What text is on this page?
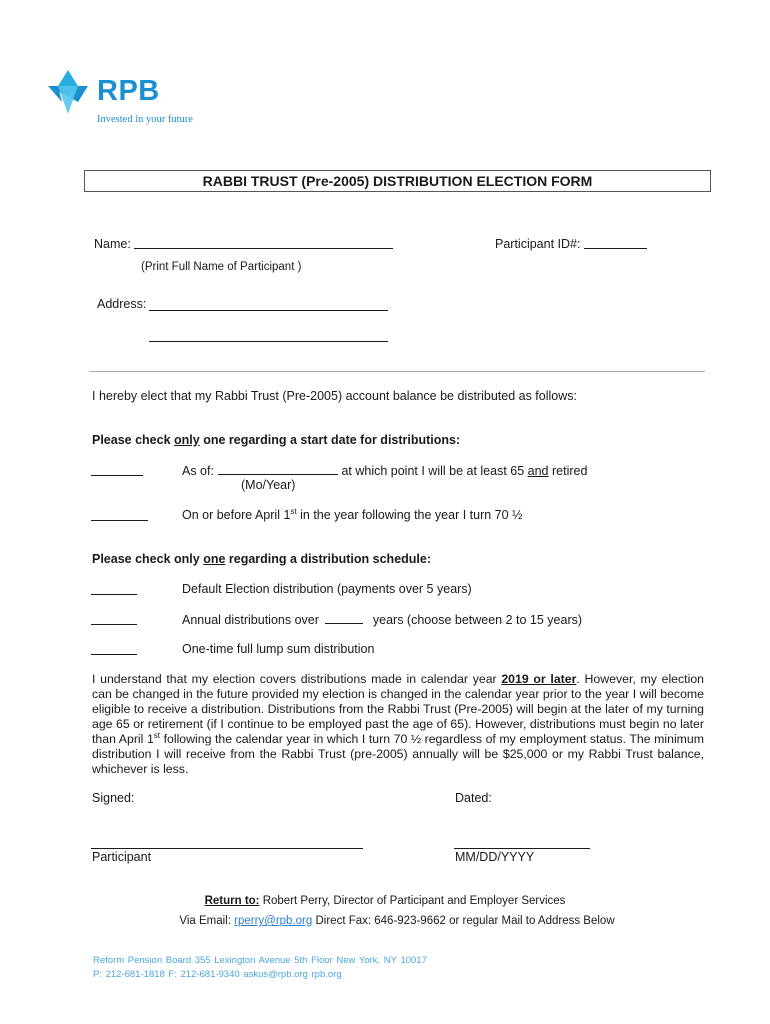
RPB
Invested in your future
RABBI TRUST (Pre-2005) DISTRIBUTION ELECTION FORM
Name:
(Print Full Name of Participant )
Participant ID#:
Address:
I hereby elect that my Rabbi Trust (Pre-2005) account balance be distributed as follows:
Please check only one regarding a start date for distributions:
As of:	at which point I will be at least 65 and retired
(Mo/Year)
On or before April 1st in the year following the year I turn 70 ½
Please check only one regarding a distribution schedule:
Default Election distribution (payments over 5 years)
Annual distributions over	years (choose between 2 to 15 years)
One-time full lump sum distribution
I understand that my election covers distributions made in calendar year 2019 or later. However, my election can be changed in the future provided my election is changed in the calendar year prior to the year I will become eligible to receive a distribution. Distributions from the Rabbi Trust (Pre-2005) will begin at the later of my turning age 65 or retirement (if I continue to be employed past the age of 65). However, distributions must begin no later than April 1st following the calendar year in which I turn 70 ½ regardless of my employment status. The minimum distribution I will receive from the Rabbi Trust (pre-2005) annually will be $25,000 or my Rabbi Trust balance, whichever is less.
Signed:	Dated:
Participant	MM/DD/YYYY
Return to: Robert Perry, Director of Participant and Employer Services
Via Email: rperry@rpb.org Direct Fax: 646-923-9662 or regular Mail to Address Below
Reform Pension Board 355 Lexington Avenue 5th Floor New York, NY 10017
P: 212-681-1818 F: 212-681-9340 askus@rpb.org rpb.org
